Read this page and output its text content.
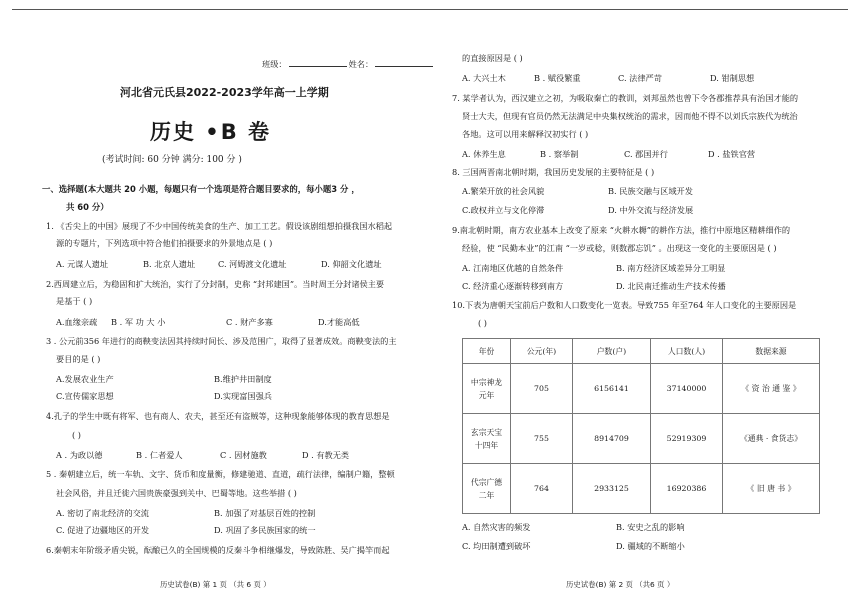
班级：	姓名：
河北省元氏县2022-2023学年高一上学期
历史 •B 卷
(考试时间: 60 分钟 满分: 100 分 )
一、选择题(本大题共 20 小题，每题只有一个选项是符合题目要求的，每小题3 分 ，
共 60 分）
1. 《舌尖上的中国》展现了不少中国传统美食的生产、加工工艺。假设该剧组想拍摄我国水稻起
源的专题片，下列选项中符合他们拍摄要求的外景地点是 ( )
A. 元谋人遗址	B. 北京人遗址	C. 河姆渡文化遗址	D. 仰韶文化遗址
2.西周建立后，为稳固和扩大统治，实行了分封制，史称 “封邦建国”。当时周王分封诸侯主要
是基于 ( )
A.血缘亲疏 B . 军 功 大 小	C . 财产多寡	D.才能高低
3 . 公元前356 年进行的商鞅变法因其持续时间长、涉及范围广，取得了显著成效。商鞅变法的主
要目的是 ( )
A.发展农业生产	B.维护井田制度
C.宣传儒家思想	D.实现富国强兵
4.孔子的学生中既有将军、也有商人、农夫，甚至还有盗贼等，这种现象能够体现的教育思想是
( )
A . 为政以德	B . 仁者爱人	C . 因材施教	D . 有教无类
5 . 秦朝建立后，统一车轨、文字、货币和度量衡，修建驰道、直道，疏行法律，编制户籍，整顿
社会风俗，并且迁徙六国贵族豪强到关中、巴蜀等地。这些举措 ( )
A. 密切了南北经济的交流	B. 加强了对基层百姓的控制
C. 促进了边疆地区的开发	D. 巩固了多民族国家的统一
6.秦朝末年阶级矛盾尖锐，酝酿已久的全国规模的反秦斗争相继爆发，导致陈胜、吴广揭竿而起
历史试卷(B) 第 1 页 （共 6 页 ）
的直接原因是 ( )
A. 大兴土木	B . 赋役繁重	C. 法律严苛	D. 钳制思想
7. 某学者认为，西汉建立之初，为吸取秦亡的教训，刘邦虽然也曾下令各郡推荐具有治国才能的
贤士大夫，但现有官员仍然无法满足中央集权统治的需求，因而他不得不以刘氏宗族代为统治
各地。这可以用来解释汉初实行 ( )
A. 休养生息	B . 察举制	C. 郡国并行	D . 盐铁官营
8. 三国两晋南北朝时期，我国历史发展的主要特征是 ( )
A.繁荣开放的社会风貌	B. 民族交融与区域开发
C.政权并立与文化停滞	D. 中外交流与经济发展
9.南北朝时期，南方农业基本上改变了原来 “火耕水耨”的耕作方法，推行中原地区精耕细作的
经验，使 “民勤本业”的江南 “一岁或稔，则数郡忘饥” 。出现这一变化的主要原因是 ( )
A. 江南地区优越的自然条件	B. 南方经济区域差异分工明显
C. 经济重心逐渐转移到南方	D. 北民南迁推动生产技术传播
10.下表为唐朝天宝前后户数和人口数变化一览表。导致755 年至764 年人口变化的主要原因是
( )
年份	公元(年)	户数(户)	人口数(人)	数据来源
中宗神龙
元年	705	6156141	37140000	《 资 治 通 鉴 》
玄宗天宝
十四年	755	8914709	52919309	《通典 · 食货志》
代宗广德
二年	764	2933125	16920386	《 旧 唐 书 》
A. 自然灾害的频发	B. 安史之乱的影响
C. 均田制遭到破坏	D. 疆域的不断缩小
历史试卷(B) 第 2 页 （共6 页 ）
